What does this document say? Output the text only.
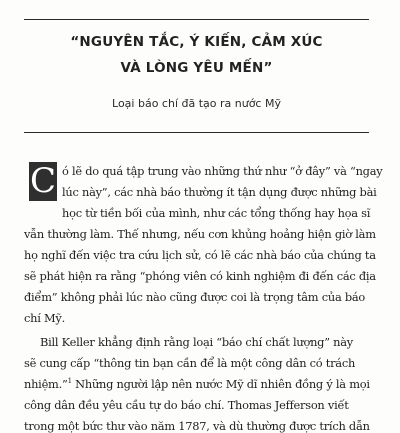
“NGUYÊN TẮC, Ý KIẾN, CẢM XÚC
VÀ LÒNG YÊU MẾN”
Loại báo chí đã tạo ra nước Mỹ
C ó lẽ do quá tập trung vào những thứ như “ở đây” và “ngay
lúc này”, các nhà báo thường ít tận dụng được những bài
học từ tiền bối của mình, như các tổng thống hay họa sĩ
vẫn thường làm. Thế nhưng, nếu cơn khủng hoảng hiện giờ làm
họ nghĩ đến việc tra cứu lịch sử, có lẽ các nhà báo của chúng ta
sẽ phát hiện ra rằng “phóng viên có kinh nghiệm đi đến các địa
điểm” không phải lúc nào cũng được coi là trọng tâm của báo
chí Mỹ.
Bill Keller khẳng định rằng loại “báo chí chất lượng” này
sẽ cung cấp “thông tin bạn cần để là một công dân có trách
nhiệm.”$^1$ Những người lập nên nước Mỹ dĩ nhiên đồng ý là mọi
công dân đều yêu cầu tự do báo chí. Thomas Jefferson viết
trong một bức thư vào năm 1787, và dù thường được trích dẫn
